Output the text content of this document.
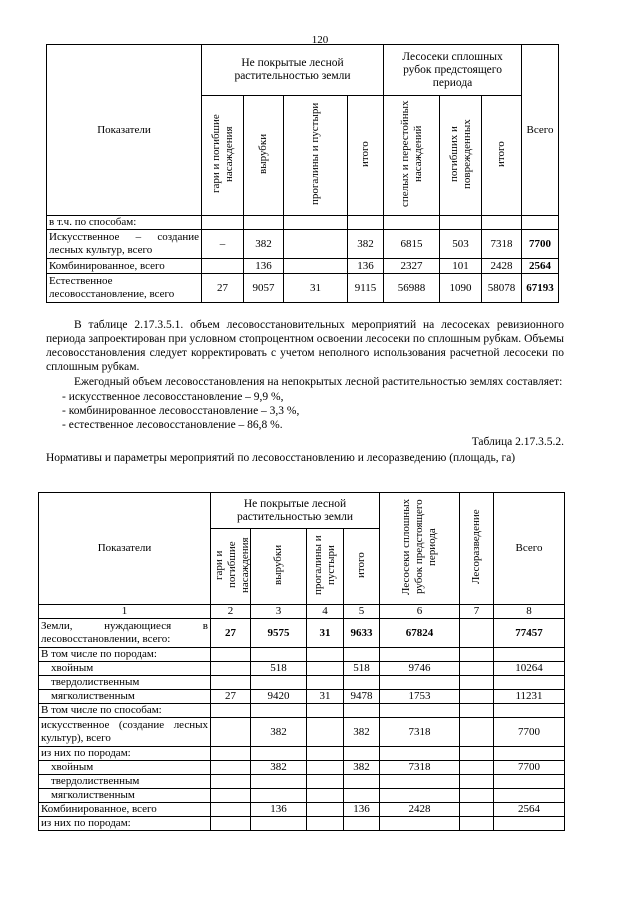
120
Показатели	Не покрытые лесной растительностью земли				Лесосеки сплошных рубок предстоящего периода			Всего
	гари и погибшие насаждения	вырубки	прогалины и пустыри	итого	спелых и перестойных насаждений	погибших и поврежденных	итого	
в т.ч. по способам:								
Искусственное – создание лесных культур, всего	–	382		382	6815	503	7318	7700
Комбинированное, всего		136		136	2327	101	2428	2564
Естественное лесовосстановление, всего	27	9057	31	9115	56988	1090	58078	67193

В таблице 2.17.3.5.1. объем лесовосстановительных мероприятий на лесосеках ревизионного периода запроектирован при условном стопроцентном освоении лесосеки по сплошным рубкам. Объемы лесовосстановления следует корректировать с учетом неполного использования расчетной лесосеки по сплошным рубкам.

Ежегодный объем лесовосстановления на непокрытых лесной растительностью землях составляет:

- искусственное лесовосстановление – 9,9 %,

- комбинированное лесовосстановление – 3,3 %,

- естественное лесовосстановление – 86,8 %.

Таблица 2.17.3.5.2.

Нормативы и параметры мероприятий по лесовосстановлению и лесоразведению (площадь, га)

Показатели	Не покрытые лесной растительностью земли				Лесосеки сплошных рубок предстоящего периода	Лесоразведение	Всего
	гари и погибшие насаждения	вырубки	прогалины и пустыри	итого			
1	2	3	4	5	6	7	8
Земли, нуждающиеся в лесовосстановлении, всего:	27	9575	31	9633	67824		77457
В том числе по породам:							
хвойным		518		518	9746		10264
твердолиственным							
мягколиственным	27	9420	31	9478	1753		11231
В том числе по способам:							
искусственное (создание лесных культур), всего		382		382	7318		7700
из них по породам:							
хвойным		382		382	7318		7700
твердолиственным							
мягколиственным							
Комбинированное, всего		136		136	2428		2564
из них по породам:							
